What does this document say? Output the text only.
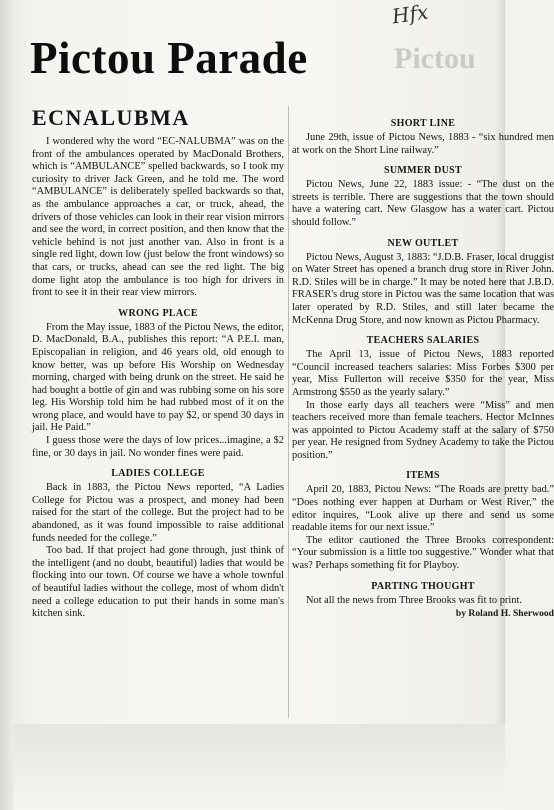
Hfx
Pictou Parade	Pictou
ECNALUBMA

I wondered why the word “EC-NALUBMA” was on the front of the ambulances operated by MacDonald Brothers, which is “AMBULANCE” spelled backwards, so I took my curiosity to driver Jack Green, and he told me. The word “AMBULANCE” is deliberately spelled backwards so that, as the ambulance approaches a car, or truck, ahead, the drivers of those vehicles can look in their rear vision mirrors and see the word, in correct position, and then know that the vehicle behind is not just another van. Also in front is a single red light, down low (just below the front windows) so that cars, or trucks, ahead can see the red light. The big dome light atop the ambulance is too high for drivers in front to see it in their rear view mirrors.

WRONG PLACE

From the May issue, 1883 of the Pictou News, the editor, D. MacDonald, B.A., publishes this report: “A P.E.I. man, Episcopalian in religion, and 46 years old, old enough to know better, was up before His Worship on Wednesday morning, charged with being drunk on the street. He said he had bought a bottle of gin and was rubbing some on his sore leg. His Worship told him he had rubbed most of it on the wrong place, and would have to pay $2, or spend 30 days in jail. He Paid.”

I guess those were the days of low prices...imagine, a $2 fine, or 30 days in jail. No wonder fines were paid.

LADIES COLLEGE

Back in 1883, the Pictou News reported, “A Ladies College for Pictou was a prospect, and money had been raised for the start of the college. But the project had to be abandoned, as it was found impossible to raise additional funds needed for the college.”

Too bad. If that project had gone through, just think of the intelligent (and no doubt, beautiful) ladies that would be flocking into our town. Of course we have a whole townful of beautiful ladies without the college, most of whom didn't need a college education to put their hands in some man's kitchen sink.

SHORT LINE

June 29th, issue of Pictou News, 1883 - “six hundred men at work on the Short Line railway.”

SUMMER DUST

Pictou News, June 22, 1883 issue: - “The dust on the streets is terrible. There are suggestions that the town should have a watering cart. New Glasgow has a water cart. Pictou should follow.”

NEW OUTLET

Pictou News, August 3, 1883: “J.D.B. Fraser, local druggist on Water Street has opened a branch drug store in River John. R.D. Stiles will be in charge.” It may be noted here that J.B.D. FRASER's drug store in Pictou was the same location that was later operated by R.D. Stiles, and still later became the McKenna Drug Store, and now known as Pictou Pharmacy.

TEACHERS SALARIES

The April 13, issue of Pictou News, 1883 reported “Council increased teachers salaries: Miss Forbes $300 per year, Miss Fullerton will receive $350 for the year, Miss Armstrong $550 as the yearly salary.”

In those early days all teachers were “Miss” and men teachers received more than female teachers. Hector McInnes was appointed to Pictou Academy staff at the salary of $750 per year. He resigned from Sydney Academy to take the Pictou position.”

ITEMS

April 20, 1883, Pictou News: “The Roads are pretty bad.” “Does nothing ever happen at Durham or West River,” the editor inquires, “Look alive up there and send us some readable items for our next issue.”

The editor cautioned the Three Brooks correspondent: “Your submission is a little too suggestive.” Wonder what that was? Perhaps something fit for Playboy.

PARTING THOUGHT

Not all the news from Three Brooks was fit to print.

by Roland H. Sherwood
